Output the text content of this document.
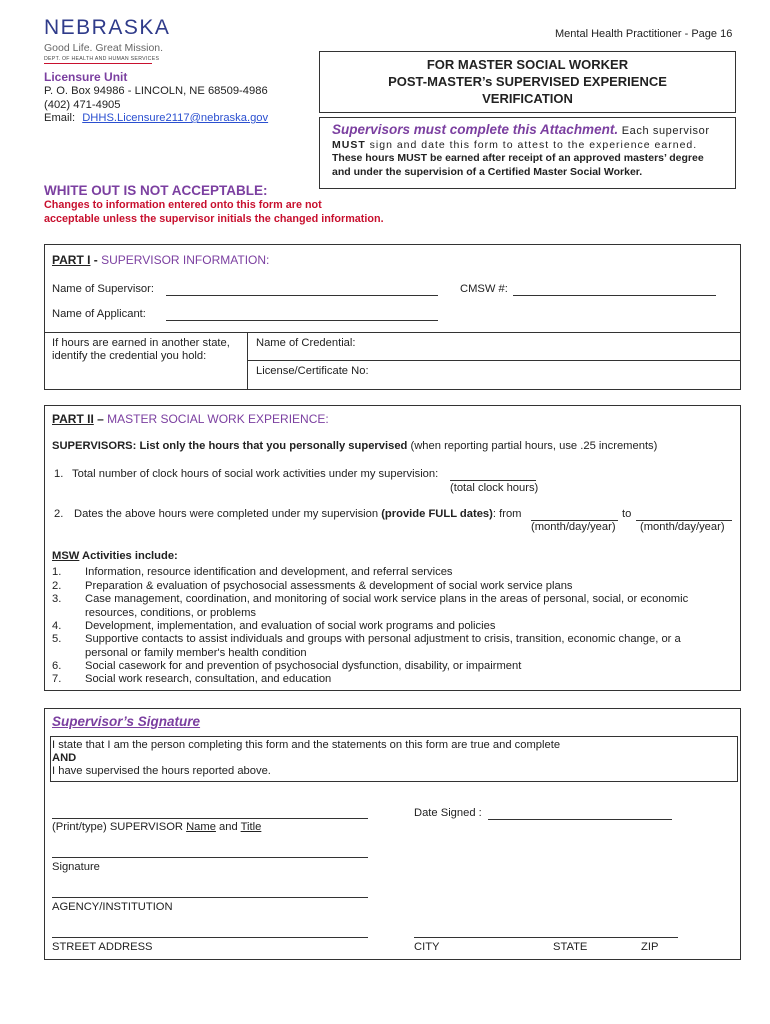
NEBRASKA
Good Life. Great Mission.
DEPT. OF HEALTH AND HUMAN SERVICES
Mental Health Practitioner - Page 16
Licensure Unit
P. O. Box 94986 - LINCOLN, NE 68509-4986
(402) 471-4905
Email: DHHS.Licensure2117@nebraska.gov
FOR MASTER SOCIAL WORKER
POST-MASTER’s SUPERVISED EXPERIENCE
VERIFICATION
Supervisors must complete this Attachment. Each supervisor
MUST sign and date this form to attest to the experience earned.
These hours MUST be earned after receipt of an approved masters’ degree and under the supervision of a Certified Master Social Worker.
WHITE OUT IS NOT ACCEPTABLE:
Changes to information entered onto this form are not
acceptable unless the supervisor initials the changed information.
PART I - SUPERVISOR INFORMATION:
Name of Supervisor:	CMSW #:
Name of Applicant:
If hours are earned in another state,
identify the credential you hold:
Name of Credential:
License/Certificate No:
PART II – MASTER SOCIAL WORK EXPERIENCE:
SUPERVISORS: List only the hours that you personally supervised (when reporting partial hours, use .25 increments)
1. Total number of clock hours of social work activities under my supervision:
(total clock hours)
2. Dates the above hours were completed under my supervision (provide FULL dates): from	to
(month/day/year) (month/day/year)
MSW Activities include:
1. Information, resource identification and development, and referral services
2. Preparation & evaluation of psychosocial assessments & development of social work service plans
3. Case management, coordination, and monitoring of social work service plans in the areas of personal, social, or economic resources, conditions, or problems
4. Development, implementation, and evaluation of social work programs and policies
5. Supportive contacts to assist individuals and groups with personal adjustment to crisis, transition, economic change, or a personal or family member's health condition
6. Social casework for and prevention of psychosocial dysfunction, disability, or impairment
7. Social work research, consultation, and education
Supervisor’s Signature
I state that I am the person completing this form and the statements on this form are true and complete
AND
I have supervised the hours reported above.
(Print/type) SUPERVISOR Name and Title
Date Signed :
Signature
AGENCY/INSTITUTION
STREET ADDRESS	CITY	STATE	ZIP
